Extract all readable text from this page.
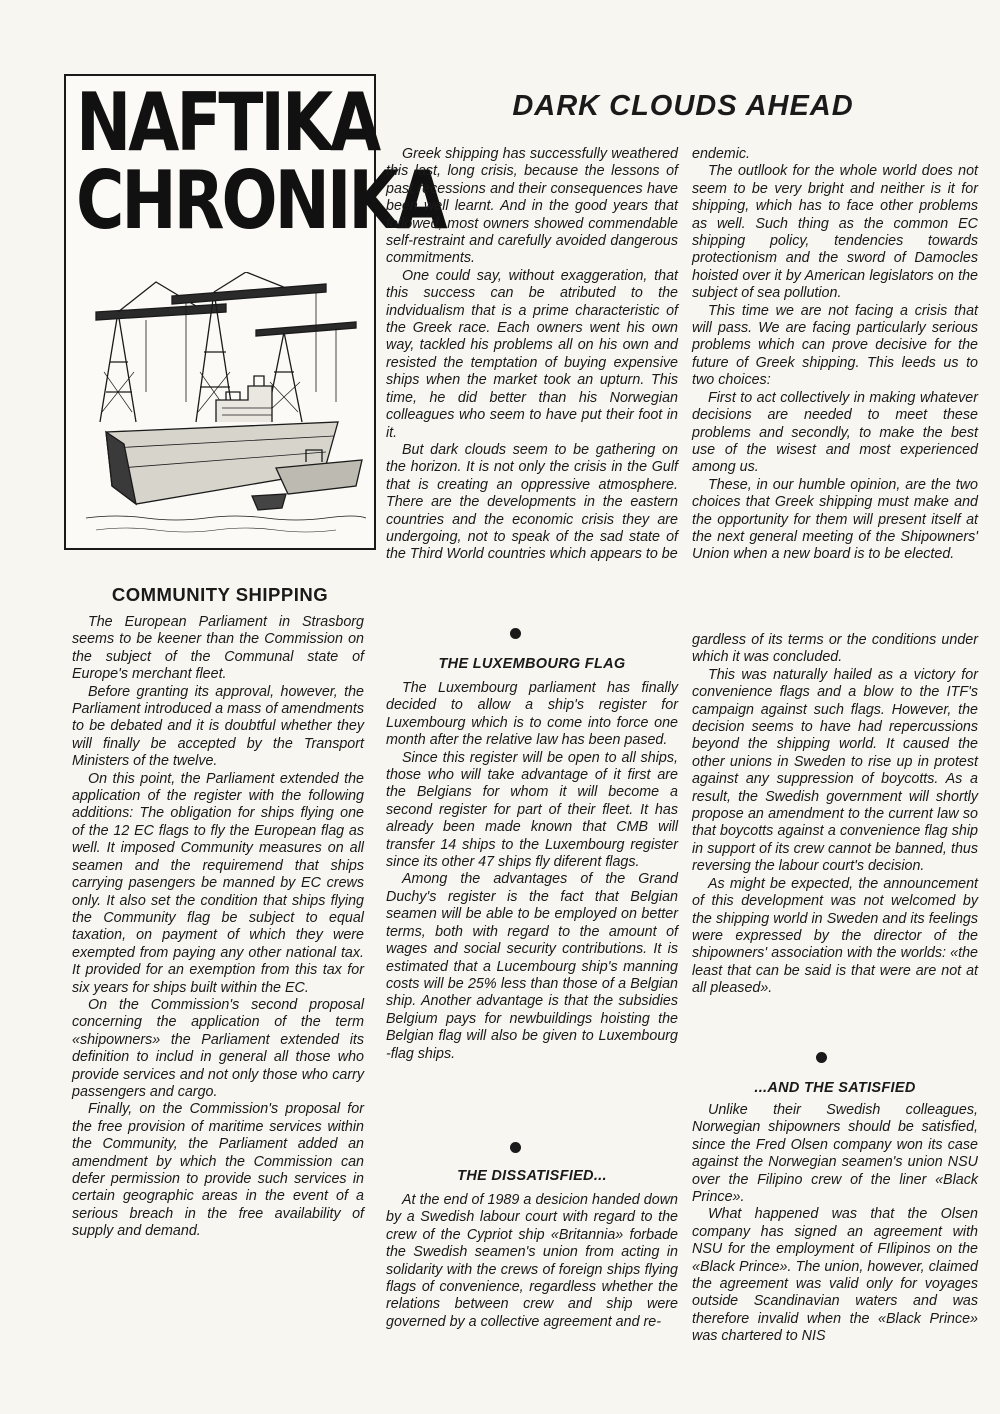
NAFTIKA
CHRONIKA
DARK CLOUDS AHEAD

Greek shipping has successfully weathered this last, long crisis, because the lessons of past recessions and their consequences have been well learnt. And in the good years that followed, most owners showed commendable self-restraint and carefully avoided dangerous commitments.

One could say, without exaggeration, that this success can be atributed to the indvidualism that is a prime characteristic of the Greek race. Each owners went his own way, tackled his problems all on his own and resisted the temptation of buying expensive ships when the market took an upturn. This time, he did better than his Norwegian colleagues who seem to have put their foot in it.

But dark clouds seem to be gathering on the horizon. It is not only the crisis in the Gulf that is creating an oppressive atmosphere. There are the developments in the eastern countries and the economic crisis they are undergoing, not to speak of the sad state of the Third World countries which appears to be

endemic.

The outllook for the whole world does not seem to be very bright and neither is it for shipping, which has to face other problems as well. Such thing as the common EC shipping policy, tendencies towards protectionism and the sword of Damocles hoisted over it by American legislators on the subject of sea pollution.

This time we are not facing a crisis that will pass. We are facing particularly serious problems which can prove decisive for the future of Greek shipping. This leeds us to two choices:

First to act collectively in making whatever decisions are needed to meet these problems and secondly, to make the best use of the wisest and most experienced among us.

These, in our humble opinion, are the two choices that Greek shipping must make and the opportunity for them will present itself at the next general meeting of the Shipowners' Union when a new board is to be elected.

COMMUNITY SHIPPING

The European Parliament in Strasborg seems to be keener than the Commission on the subject of the Communal state of Europe's merchant fleet.

Before granting its approval, however, the Parliament introduced a mass of amendments to be debated and it is doubtful whether they will finally be accepted by the Transport Ministers of the twelve.

On this point, the Parliament extended the application of the register with the following additions: The obligation for ships flying one of the 12 EC flags to fly the European flag as well. It imposed Community measures on all seamen and the requiremend that ships carrying pasengers be manned by EC crews only. It also set the condition that ships flying the Community flag be subject to equal taxation, on payment of which they were exempted from paying any other national tax. It provided for an exemption from this tax for six years for ships built within the EC.

On the Commission's second proposal concerning the application of the term «shipowners» the Parliament extended its definition to includ in general all those who provide services and not only those who carry passengers and cargo.

Finally, on the Commission's proposal for the free provision of maritime services within the Community, the Parliament added an amendment by which the Commission can defer permission to provide such services in certain geographic areas in the event of a serious breach in the free availability of supply and demand.

THE LUXEMBOURG FLAG

The Luxembourg parliament has finally decided to allow a ship's register for Luxembourg which is to come into force one month after the relative law has been pased.

Since this register will be open to all ships, those who will take advantage of it first are the Belgians for whom it will become a second register for part of their fleet. It has already been made known that CMB will transfer 14 ships to the Luxembourg register since its other 47 ships fly diferent flags.

Among the advantages of the Grand Duchy's register is the fact that Belgian seamen will be able to be employed on better terms, both with regard to the amount of wages and social security contributions. It is estimated that a Lucembourg ship's manning costs will be 25% less than those of a Belgian ship. Another advantage is that the subsidies Belgium pays for newbuildings hoisting the Belgian flag will also be given to Luxembourg -flag ships.

THE DISSATISFIED...

At the end of 1989 a desicion handed down by a Swedish labour court with regard to the crew of the Cypriot ship «Britannia» forbade the Swedish seamen's union from acting in solidarity with the crews of foreign ships flying flags of convenience, regardless whether the relations between crew and ship were governed by a collective agreement and re-

gardless of its terms or the conditions under which it was concluded.

This was naturally hailed as a victory for convenience flags and a blow to the ITF's campaign against such flags. However, the decision seems to have had repercussions beyond the shipping world. It caused the other unions in Sweden to rise up in protest against any suppression of boycotts. As a result, the Swedish government will shortly propose an amendment to the current law so that boycotts against a convenience flag ship in support of its crew cannot be banned, thus reversing the labour court's decision.

As might be expected, the announcement of this development was not welcomed by the shipping world in Sweden and its feelings were expressed by the director of the shipowners' association with the worlds: «the least that can be said is that were are not at all pleased».

...AND THE SATISFIED

Unlike their Swedish colleagues, Norwegian shipowners should be satisfied, since the Fred Olsen company won its case against the Norwegian seamen's union NSU over the Filipino crew of the liner «Black Prince».

What happened was that the Olsen company has signed an agreement with NSU for the employment of FIlipinos on the «Black Prince». The union, however, claimed the agreement was valid only for voyages outside Scandinavian waters and was therefore invalid when the «Black Prince» was chartered to NIS
